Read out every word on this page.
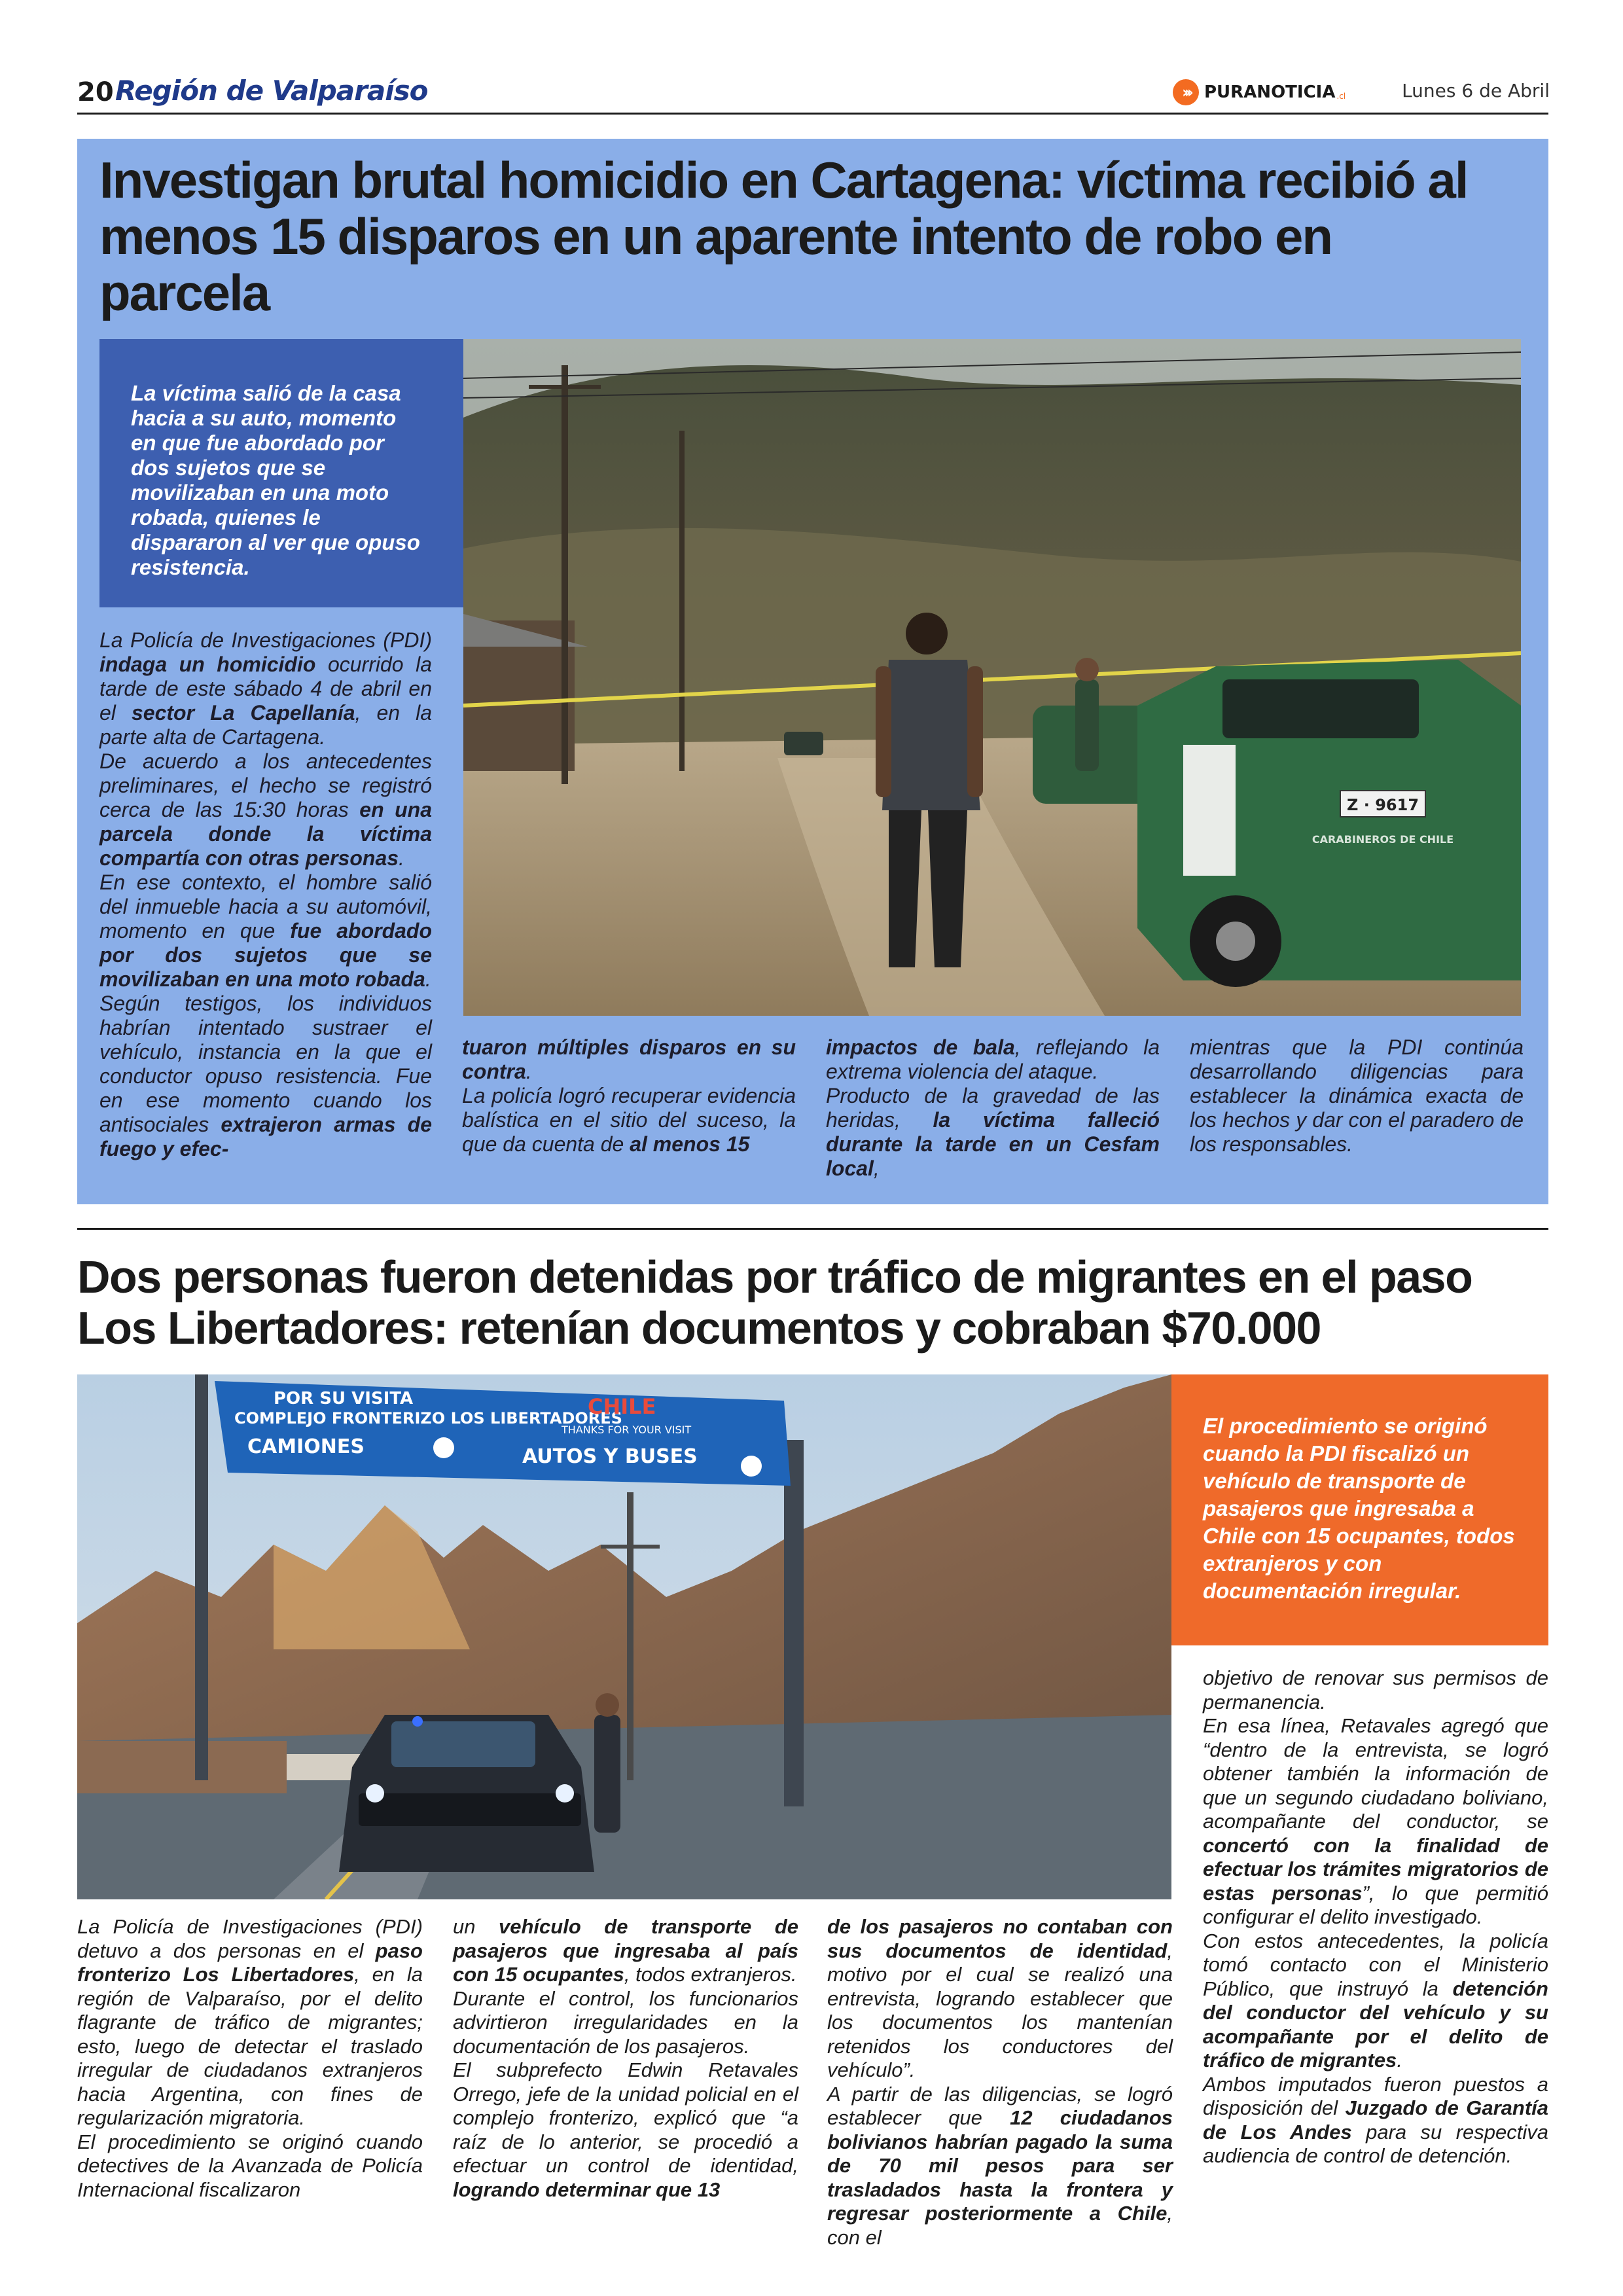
20 Región de Valparaíso	››› PURANOTICIA .cl	Lunes 6 de Abril
Investigan brutal homicidio en Cartagena: víctima recibió al menos 15 disparos en un aparente intento de robo en parcela
La víctima salió de la casa hacia a su auto, momento en que fue abordado por dos sujetos que se movilizaban en una moto robada, quienes le dispararon al ver que opuso resistencia.
Z · 9617
CARABINEROS DE CHILE

La Policía de Investigaciones (PDI) indaga un homicidio ocurrido la tarde de este sábado 4 de abril en el sector La Capellanía, en la parte alta de Cartagena.

De acuerdo a los antecedentes preliminares, el hecho se registró cerca de las 15:30 horas en una parcela donde la víctima compartía con otras personas.

En ese contexto, el hombre salió del inmueble hacia a su automóvil, momento en que fue abordado por dos sujetos que se movilizaban en una moto robada.

Según testigos, los individuos habrían intentado sustraer el vehículo, instancia en la que el conductor opuso resistencia. Fue en ese momento cuando los antisociales extrajeron armas de fuego y efec-

tuaron múltiples disparos en su contra.

La policía logró recuperar evidencia balística en el sitio del suceso, la que da cuenta de al menos 15

impactos de bala, reflejando la extrema violencia del ataque.

Producto de la gravedad de las heridas, la víctima falleció durante la tarde en un Cesfam local,

mientras que la PDI continúa desarrollando diligencias para establecer la dinámica exacta de los hechos y dar con el paradero de los responsables.

Dos personas fueron detenidas por tráfico de migrantes en el paso Los Libertadores: retenían documentos y cobraban $70.000
POR SU VISITA
COMPLEJO FRONTERIZO LOS LIBERTADORES
CHILE
THANKS FOR YOUR VISIT
CAMIONES	AUTOS Y BUSES
El procedimiento se originó cuando la PDI fiscalizó un vehículo de transporte de pasajeros que ingresaba a Chile con 15 ocupantes, todos extranjeros y con documentación irregular.

La Policía de Investigaciones (PDI) detuvo a dos personas en el paso fronterizo Los Libertadores, en la región de Valparaíso, por el delito flagrante de tráfico de migrantes; esto, luego de detectar el traslado irregular de ciudadanos extranjeros hacia Argentina, con fines de regularización migratoria.

El procedimiento se originó cuando detectives de la Avanzada de Policía Internacional fiscalizaron

un vehículo de transporte de pasajeros que ingresaba al país con 15 ocupantes, todos extranjeros.

Durante el control, los funcionarios advirtieron irregularidades en la documentación de los pasajeros.

El subprefecto Edwin Retavales Orrego, jefe de la unidad policial en el complejo fronterizo, explicó que “a raíz de lo anterior, se procedió a efectuar un control de identidad, logrando determinar que 13

de los pasajeros no contaban con sus documentos de identidad, motivo por el cual se realizó una entrevista, logrando establecer que los documentos los mantenían retenidos los conductores del vehículo”.

A partir de las diligencias, se logró establecer que 12 ciudadanos bolivianos habrían pagado la suma de 70 mil pesos para ser trasladados hasta la frontera y regresar posteriormente a Chile, con el

objetivo de renovar sus permisos de permanencia.

En esa línea, Retavales agregó que “dentro de la entrevista, se logró obtener también la información de que un segundo ciudadano boliviano, acompañante del conductor, se concertó con la finalidad de efectuar los trámites migratorios de estas personas”, lo que permitió configurar el delito investigado.

Con estos antecedentes, la policía tomó contacto con el Ministerio Público, que instruyó la detención del conductor del vehículo y su acompañante por el delito de tráfico de migrantes.

Ambos imputados fueron puestos a disposición del Juzgado de Garantía de Los Andes para su respectiva audiencia de control de detención.
